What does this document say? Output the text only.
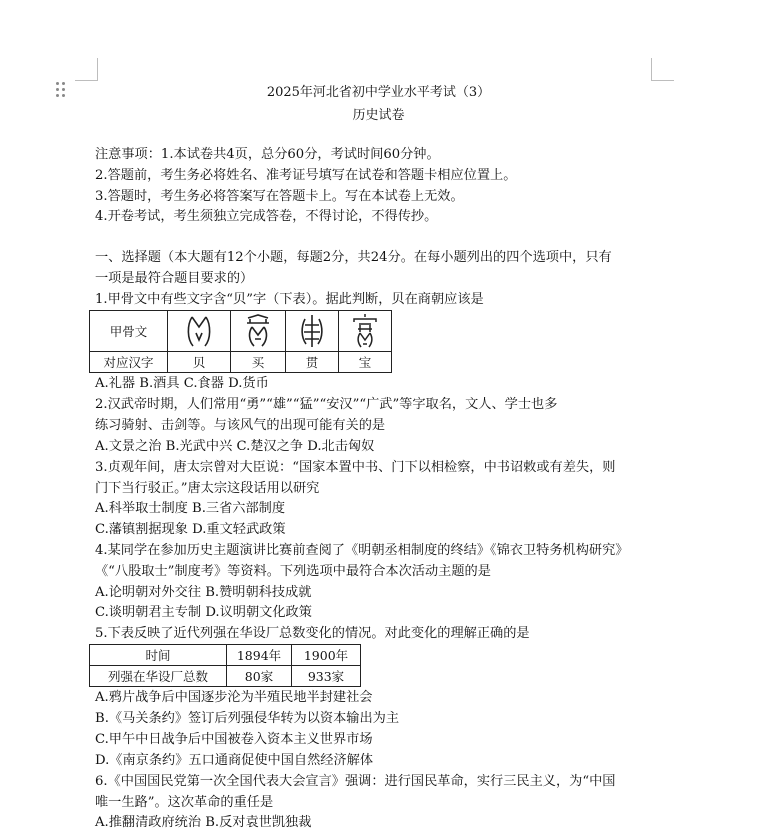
2025年河北省初中学业水平考试（3）
历史试卷
注意事项：1.本试卷共4页，总分60分，考试时间60分钟。
2.答题前，考生务必将姓名、准考证号填写在试卷和答题卡相应位置上。
3.答题时，考生务必将答案写在答题卡上。写在本试卷上无效。
4.开卷考试，考生须独立完成答卷，不得讨论，不得传抄。
一、选择题（本大题有12个小题，每题2分，共24分。在每小题列出的四个选项中，只有
一项是最符合题目要求的）
1.甲骨文中有些文字含“贝”字（下表）。据此判断，贝在商朝应该是
甲骨文	

对应汉字	贝	买	贯	宝
A.礼器 B.酒具 C.食器 D.货币
2.汉武帝时期，人们常用“勇”“雄”“猛”“安汉”“广武”等字取名，文人、学士也多
练习骑射、击剑等。与该风气的出现可能有关的是
A.文景之治 B.光武中兴 C.楚汉之争 D.北击匈奴
3.贞观年间，唐太宗曾对大臣说：“国家本置中书、门下以相检察，中书诏敕或有差失，则
门下当行驳正。”唐太宗这段话用以研究
A.科举取士制度 B.三省六部制度
C.藩镇割据现象 D.重文轻武政策
4.某同学在参加历史主题演讲比赛前查阅了《明朝丞相制度的终结》《锦衣卫特务机构研究》
《“八股取士”制度考》等资料。下列选项中最符合本次活动主题的是
A.论明朝对外交往 B.赞明朝科技成就
C.谈明朝君主专制 D.议明朝文化政策
5.下表反映了近代列强在华设厂总数变化的情况。对此变化的理解正确的是
时间	1894年	1900年
列强在华设厂总数	80家	933家
A.鸦片战争后中国逐步沦为半殖民地半封建社会
B.《马关条约》签订后列强侵华转为以资本输出为主
C.甲午中日战争后中国被卷入资本主义世界市场
D.《南京条约》五口通商促使中国自然经济解体
6.《中国国民党第一次全国代表大会宣言》强调：进行国民革命，实行三民主义，为“中国
唯一生路”。这次革命的重任是
A.推翻清政府统治 B.反对袁世凯独裁
